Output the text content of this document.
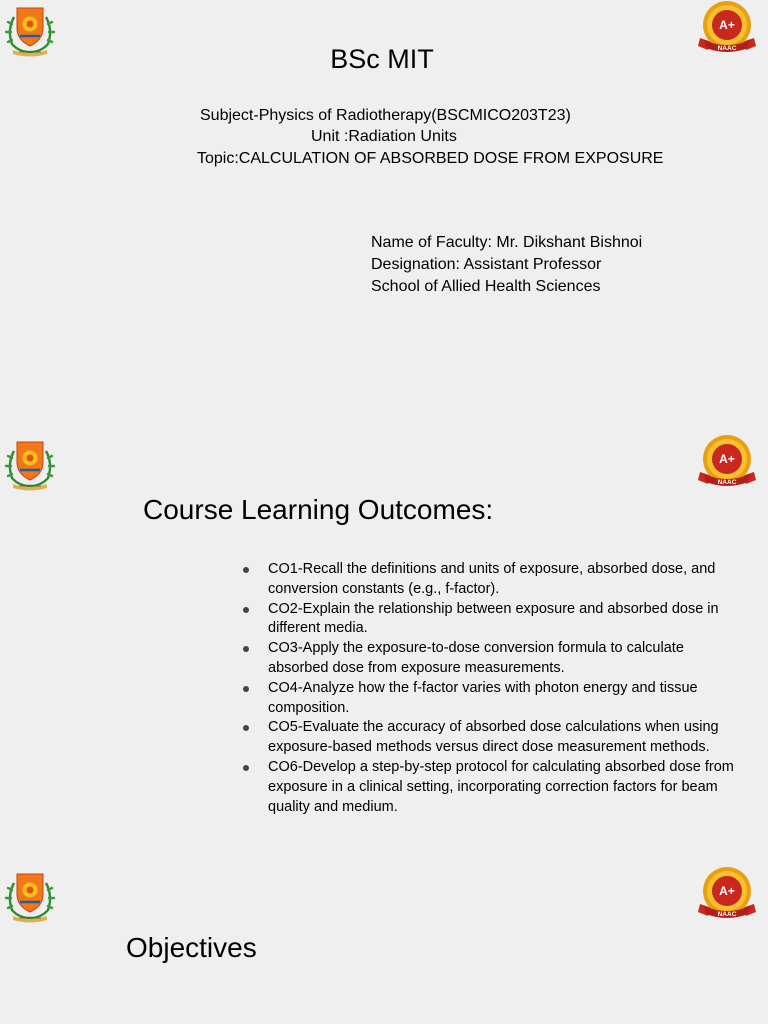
A+
NAAC
BSc MIT
Subject-Physics of Radiotherapy(BSCMICO203T23)
Unit :Radiation Units
Topic:CALCULATION OF ABSORBED DOSE FROM EXPOSURE
Name of Faculty: Mr. Dikshant Bishnoi
Designation: Assistant Professor
School of Allied Health Sciences
A+
NAAC
Course Learning Outcomes:
CO1-Recall the definitions and units of exposure, absorbed dose, and conversion constants (e.g., f-factor).
CO2-Explain the relationship between exposure and absorbed dose in different media.
CO3-Apply the exposure-to-dose conversion formula to calculate absorbed dose from exposure measurements.
CO4-Analyze how the f-factor varies with photon energy and tissue composition.
CO5-Evaluate the accuracy of absorbed dose calculations when using exposure-based methods versus direct dose measurement methods.
CO6-Develop a step-by-step protocol for calculating absorbed dose from exposure in a clinical setting, incorporating correction factors for beam quality and medium.
A+
NAAC
Objectives
